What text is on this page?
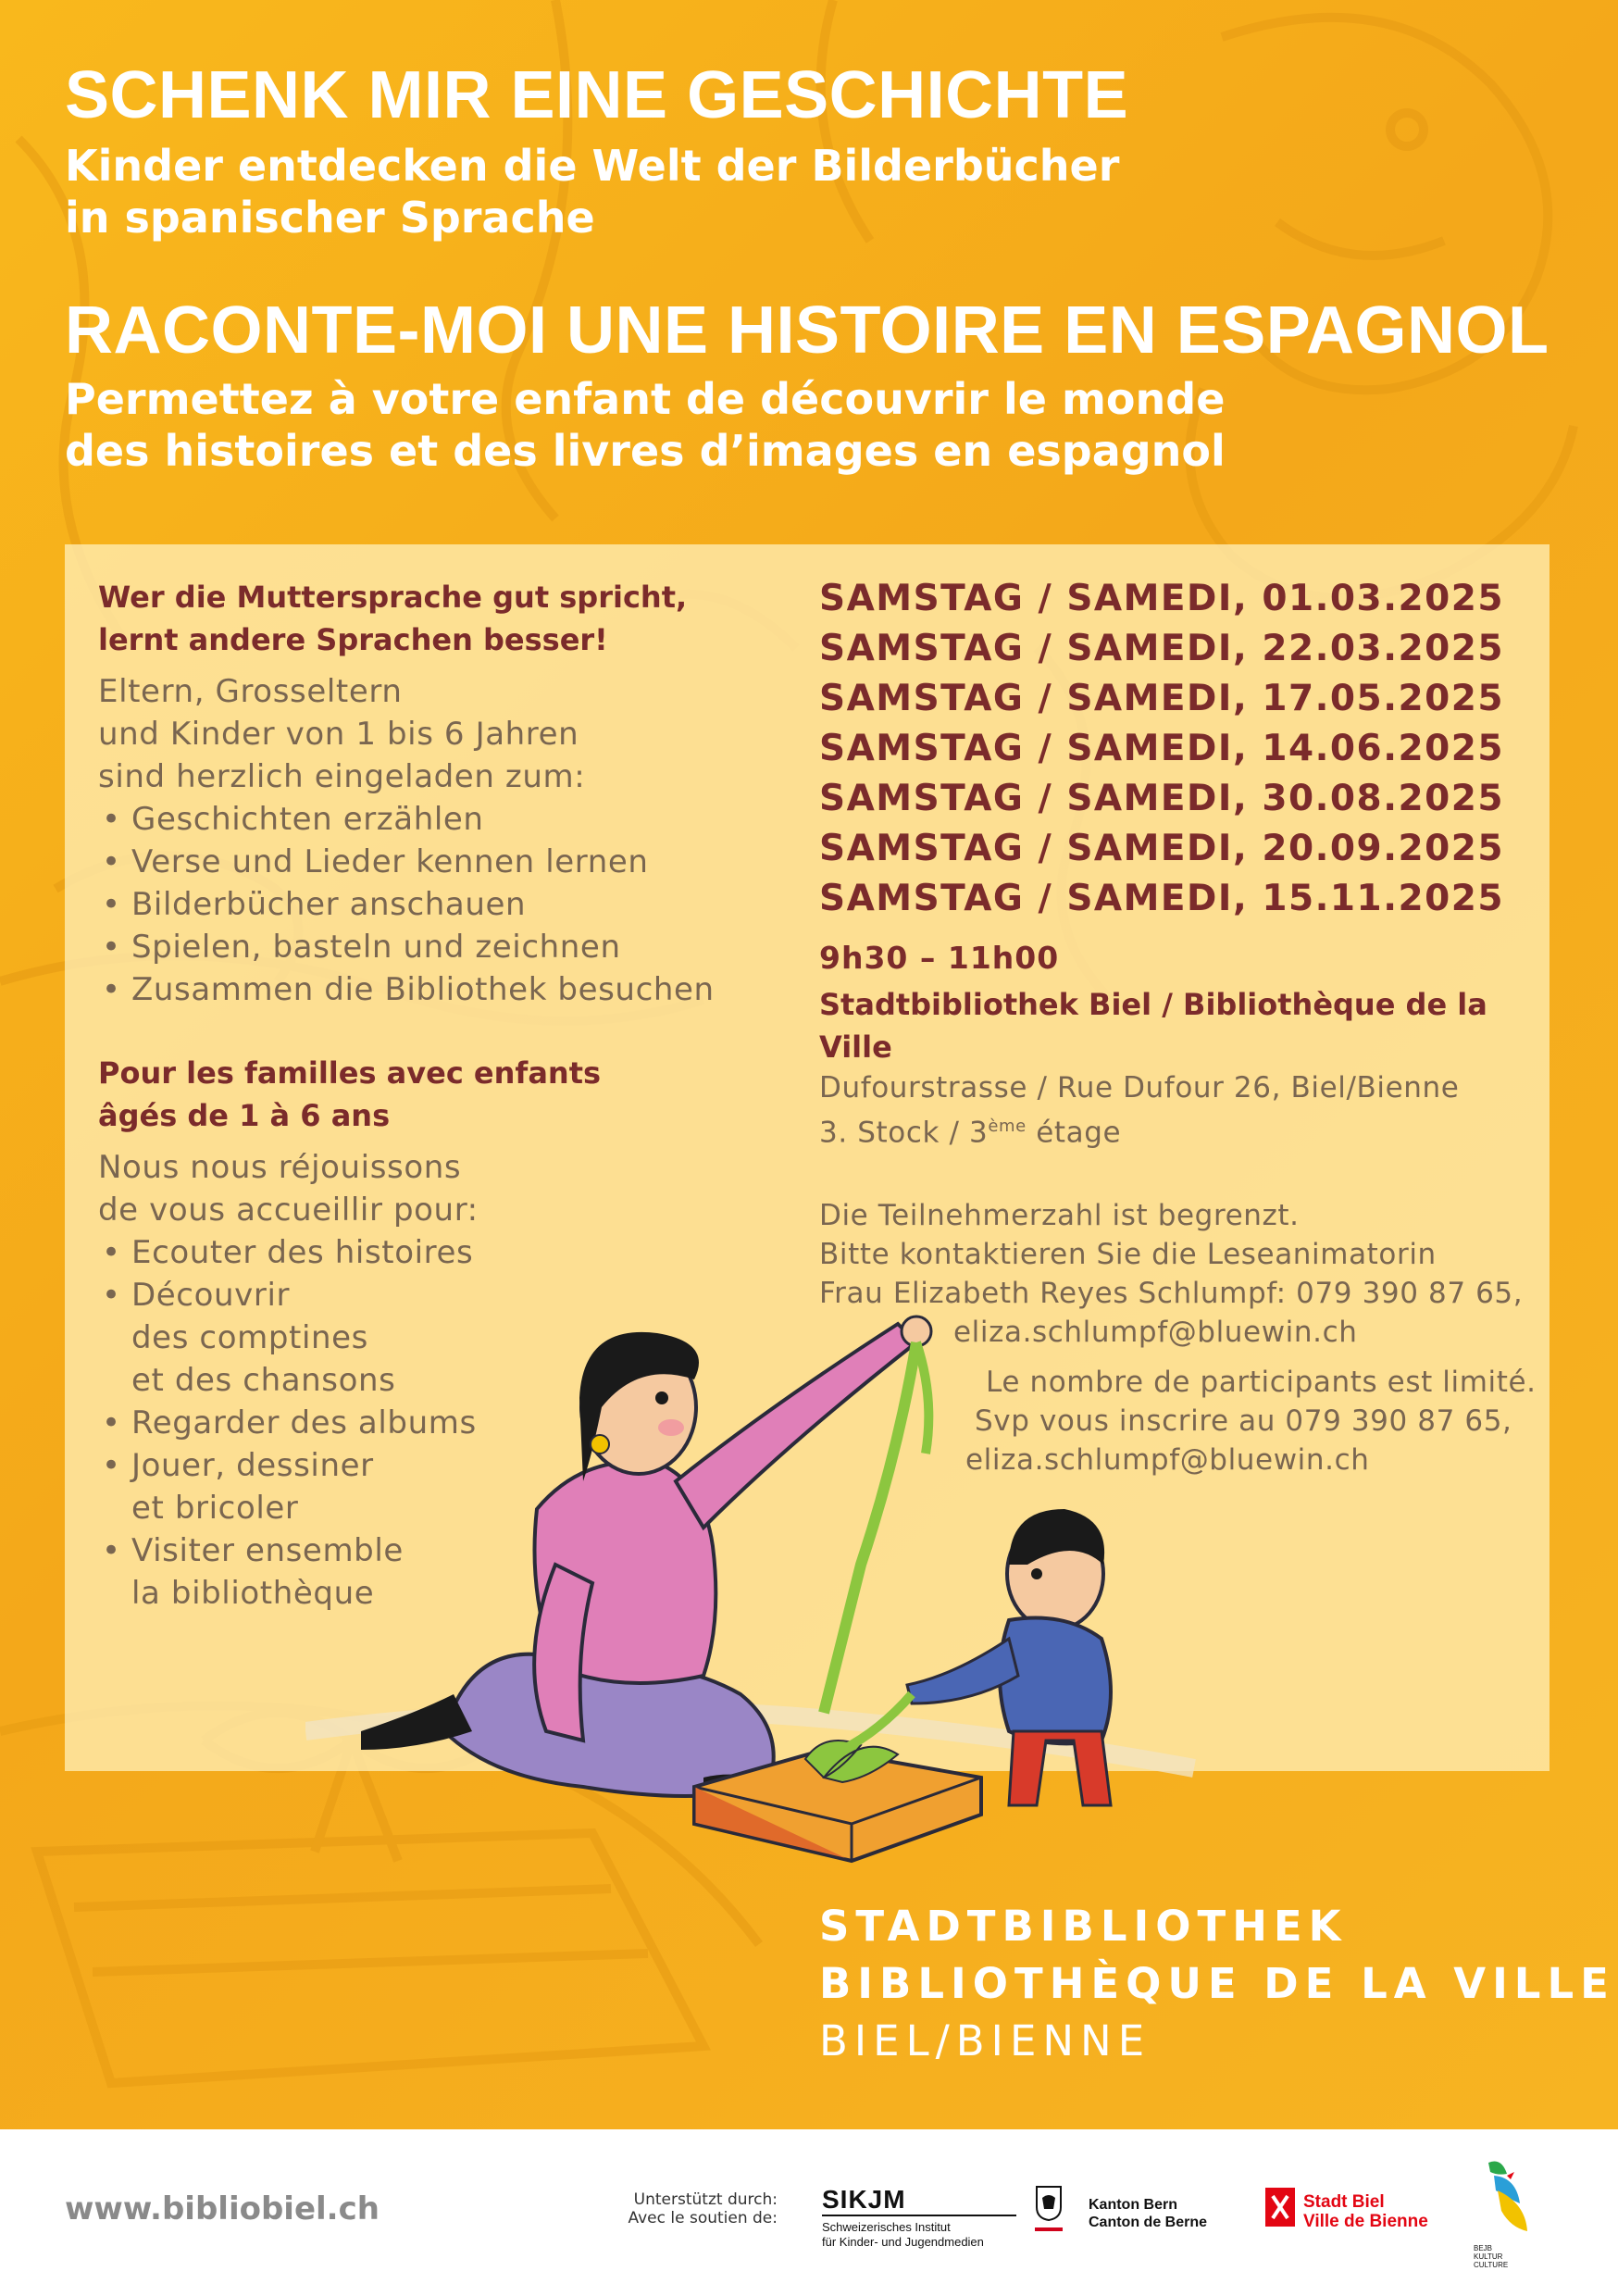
SCHENK MIR EINE GESCHICHTE
Kinder entdecken die Welt der Bilderbücher
in spanischer Sprache
RACONTE-MOI UNE HISTOIRE EN ESPAGNOL
Permettez à votre enfant de découvrir le monde
des histoires et des livres d’images en espagnol

Wer die Muttersprache gut spricht,

lernt andere Sprachen besser!

Eltern, Grosseltern

und Kinder von 1 bis 6 Jahren

sind herzlich eingeladen zum:

• Geschichten erzählen
• Verse und Lieder kennen lernen
• Bilderbücher anschauen
• Spielen, basteln und zeichnen
• Zusammen die Bibliothek besuchen

Pour les familles avec enfants

âgés de 1 à 6 ans

Nous nous réjouissons

de vous accueillir pour:

• Ecouter des histoires
• Découvrir
des comptines
et des chansons
• Regarder des albums
• Jouer, dessiner
et bricoler
• Visiter ensemble
la bibliothèque

SAMSTAG / SAMEDI, 01.03.2025

SAMSTAG / SAMEDI, 22.03.2025

SAMSTAG / SAMEDI, 17.05.2025

SAMSTAG / SAMEDI, 14.06.2025

SAMSTAG / SAMEDI, 30.08.2025

SAMSTAG / SAMEDI, 20.09.2025

SAMSTAG / SAMEDI, 15.11.2025

9h30 – 11h00

Stadtbibliothek Biel / Bibliothèque de la Ville

Dufourstrasse / Rue Dufour 26, Biel/Bienne

3. Stock / 3ème étage

Die Teilnehmerzahl ist begrenzt.

Bitte kontaktieren Sie die Leseanimatorin

Frau Elizabeth Reyes Schlumpf: 079 390 87 65,

eliza.schlumpf@bluewin.ch

Le nombre de participants est limité.

Svp vous inscrire au 079 390 87 65,

eliza.schlumpf@bluewin.ch

STADTBIBLIOTHEK
BIBLIOTHÈQUE DE LA VILLE
BIEL/BIENNE
www.bibliobiel.ch	Unterstützt durch:
Avec le soutien de:
SIKJM
Schweizerisches Institut
für Kinder- und Jugendmedien
Kanton Bern
Canton de Berne
Stadt Biel
Ville de Bienne
BEJB
KULTUR
CULTURE
